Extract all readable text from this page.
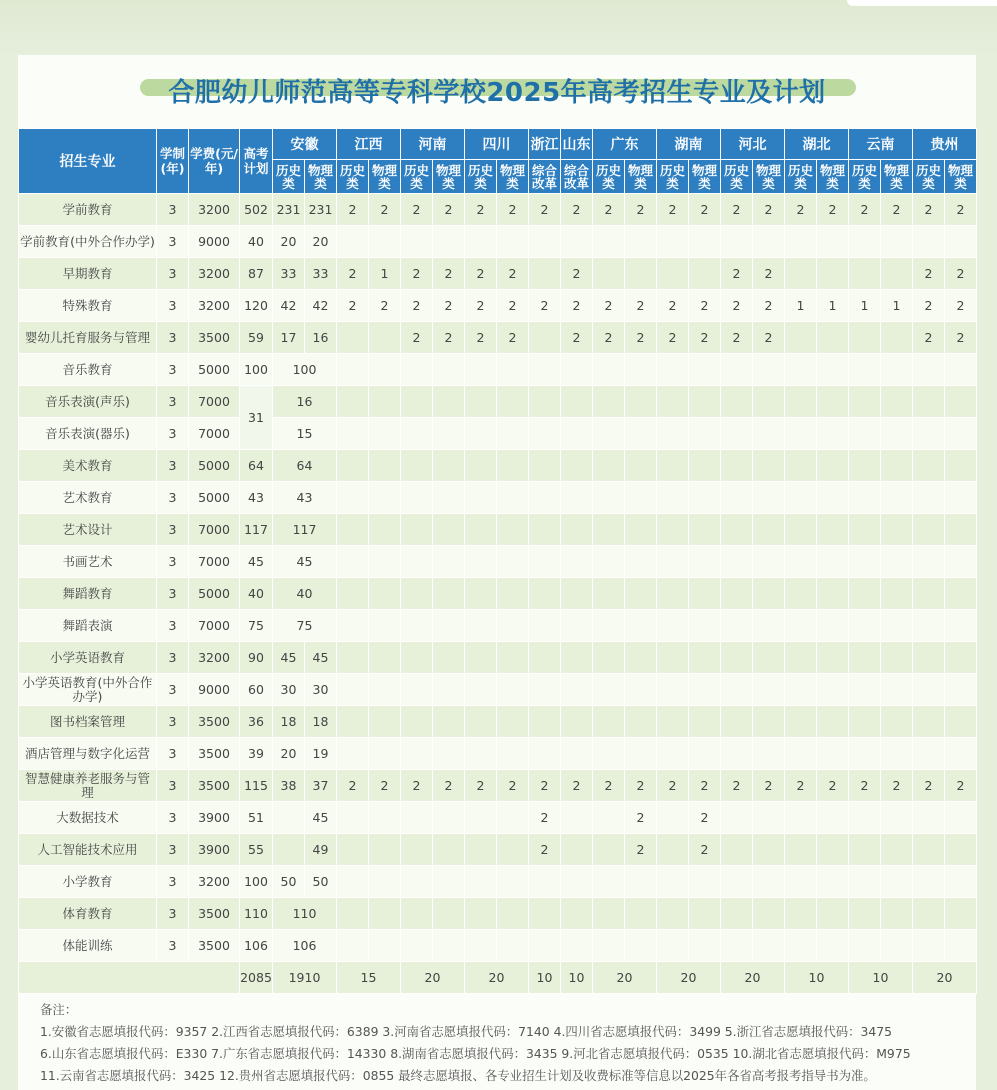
合肥幼儿师范高等专科学校2025年高考招生专业及计划
招生专业	学制(年)	学费(元/年)	高考计划	安徽		江西		河南		四川		浙江	山东	广东		湖南		河北		湖北		云南		贵州	
				历史类	物理类	历史类	物理类	历史类	物理类	历史类	物理类	综合改革	综合改革	历史类	物理类	历史类	物理类	历史类	物理类	历史类	物理类	历史类	物理类	历史类	物理类
学前教育	3	3200	502	231	231	2	2	2	2	2	2	2	2	2	2	2	2	2	2	2	2	2	2	2	2
学前教育(中外合作办学)	3	9000	40	20	20																				
早期教育	3	3200	87	33	33	2	1	2	2	2	2		2					2	2					2	2
特殊教育	3	3200	120	42	42	2	2	2	2	2	2	2	2	2	2	2	2	2	2	1	1	1	1	2	2
婴幼儿托育服务与管理	3	3500	59	17	16			2	2	2	2		2	2	2	2	2	2	2					2	2
音乐教育	3	5000	100	100																					
音乐表演(声乐)	3	7000	31	16																					
音乐表演(器乐)	3	7000		15																					
美术教育	3	5000	64	64																					
艺术教育	3	5000	43	43																					
艺术设计	3	7000	117	117																					
书画艺术	3	7000	45	45																					
舞蹈教育	3	5000	40	40																					
舞蹈表演	3	7000	75	75																					
小学英语教育	3	3200	90	45	45																				
小学英语教育(中外合作办学)	3	9000	60	30	30																				
图书档案管理	3	3500	36	18	18																				
酒店管理与数字化运营	3	3500	39	20	19																				
智慧健康养老服务与管理	3	3500	115	38	37	2	2	2	2	2	2	2	2	2	2	2	2	2	2	2	2	2	2	2	2
大数据技术	3	3900	51		45							2			2		2								
人工智能技术应用	3	3900	55		49							2			2		2								
小学教育	3	3200	100	50	50																				
体育教育	3	3500	110	110																					
体能训练	3	3500	106	106																					
			2085	1910		15		20		20		10	10	20		20		20		10		10		20	
备注：
1.安徽省志愿填报代码：9357 2.江西省志愿填报代码：6389 3.河南省志愿填报代码：7140 4.四川省志愿填报代码：3499 5.浙江省志愿填报代码：3475
6.山东省志愿填报代码：E330 7.广东省志愿填报代码：14330 8.湖南省志愿填报代码：3435 9.河北省志愿填报代码：0535 10.湖北省志愿填报代码：M975
11.云南省志愿填报代码：3425 12.贵州省志愿填报代码：0855 最终志愿填报、各专业招生计划及收费标准等信息以2025年各省高考报考指导书为准。
